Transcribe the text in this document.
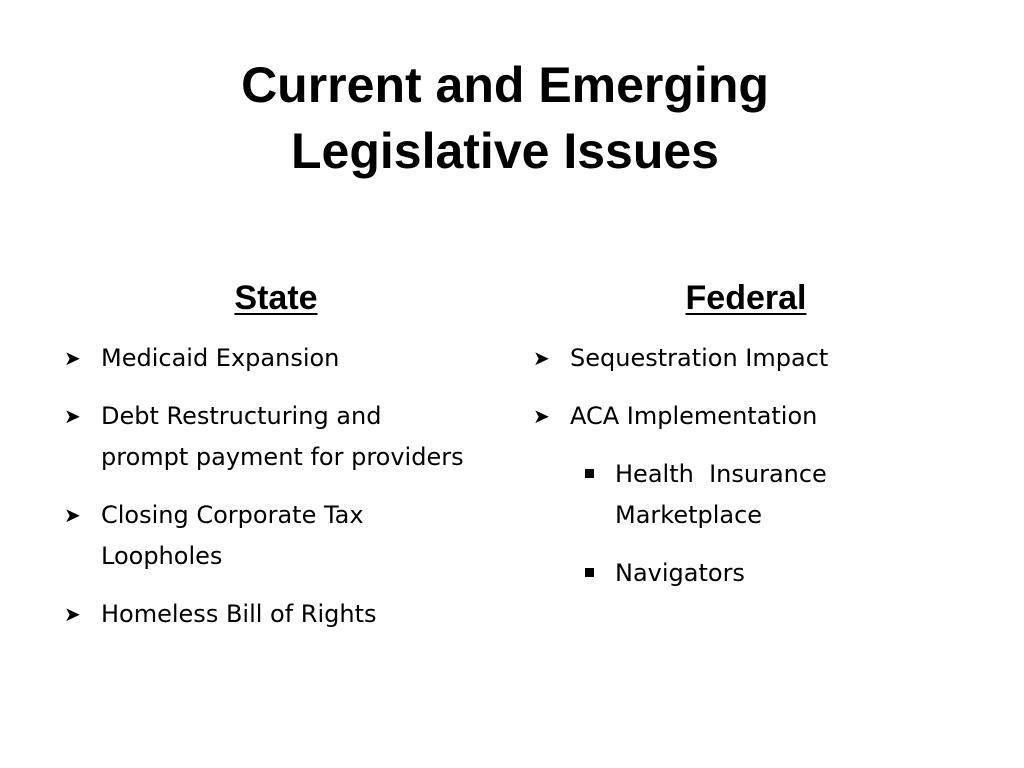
Current and Emerging
Legislative Issues
State	Federal
➤ Medicaid Expansion
➤ Debt Restructuring and prompt payment for providers
➤ Closing Corporate Tax Loopholes
➤ Homeless Bill of Rights
➤ Sequestration Impact
➤ ACA Implementation
Health  Insurance Marketplace
Navigators
